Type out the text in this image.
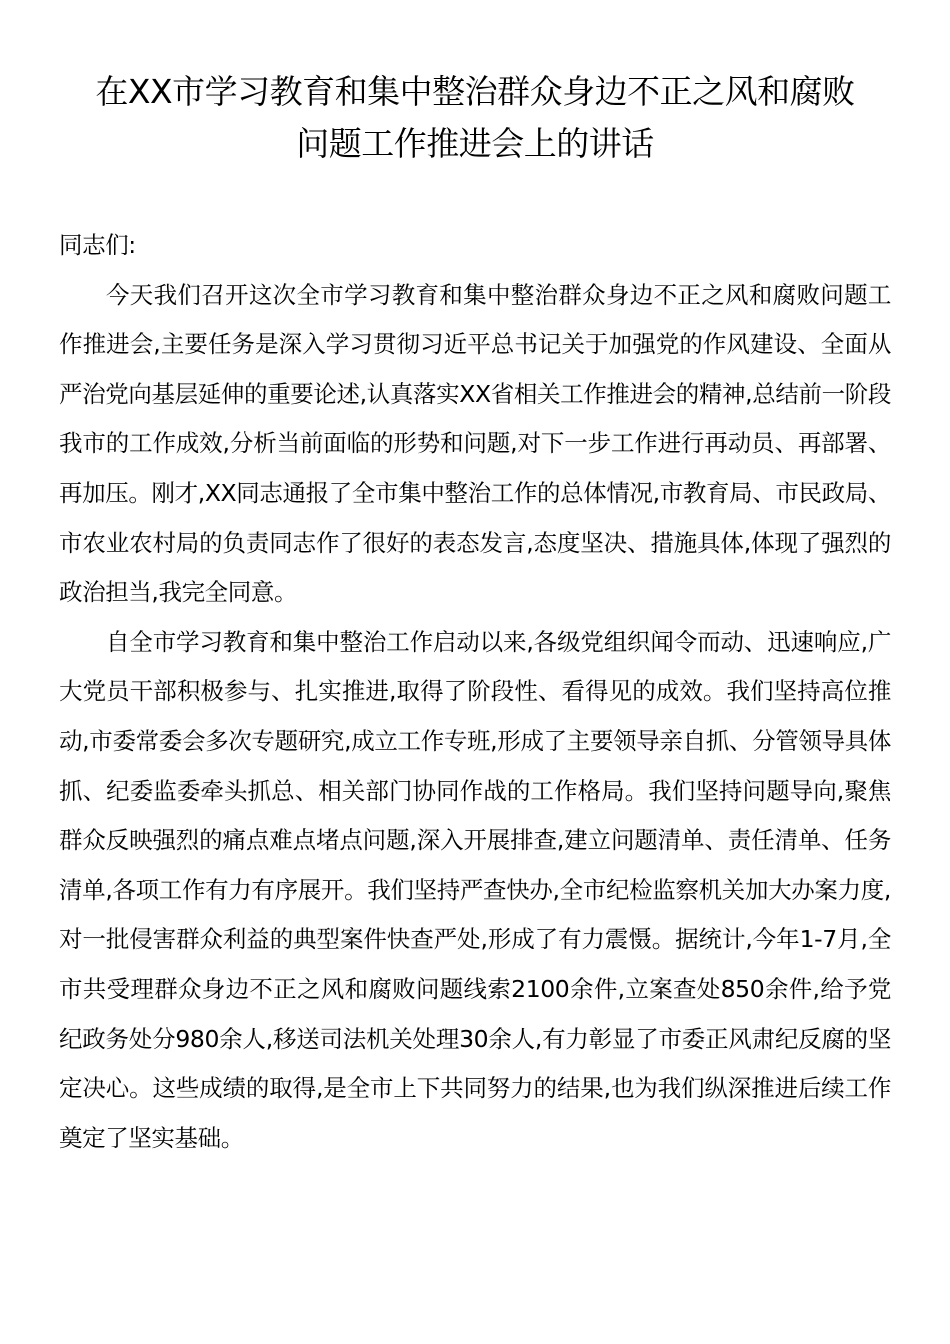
在XX市学习教育和集中整治群众身边不正之风和腐败
问题工作推进会上的讲话

同志们:

今天我们召开这次全市学习教育和集中整治群众身边不正之风和腐败问题工作推进会,主要任务是深入学习贯彻习近平总书记关于加强党的作风建设、全面从严治党向基层延伸的重要论述,认真落实XX省相关工作推进会的精神,总结前一阶段我市的工作成效,分析当前面临的形势和问题,对下一步工作进行再动员、再部署、再加压。刚才,XX同志通报了全市集中整治工作的总体情况,市教育局、市民政局、市农业农村局的负责同志作了很好的表态发言,态度坚决、措施具体,体现了强烈的政治担当,我完全同意。

自全市学习教育和集中整治工作启动以来,各级党组织闻令而动、迅速响应,广大党员干部积极参与、扎实推进,取得了阶段性、看得见的成效。我们坚持高位推动,市委常委会多次专题研究,成立工作专班,形成了主要领导亲自抓、分管领导具体抓、纪委监委牵头抓总、相关部门协同作战的工作格局。我们坚持问题导向,聚焦群众反映强烈的痛点难点堵点问题,深入开展排查,建立问题清单、责任清单、任务清单,各项工作有力有序展开。我们坚持严查快办,全市纪检监察机关加大办案力度,对一批侵害群众利益的典型案件快查严处,形成了有力震慑。据统计,今年1-7月,全市共受理群众身边不正之风和腐败问题线索2100余件,立案查处850余件,给予党纪政务处分980余人,移送司法机关处理30余人,有力彰显了市委正风肃纪反腐的坚定决心。这些成绩的取得,是全市上下共同努力的结果,也为我们纵深推进后续工作奠定了坚实基础。
